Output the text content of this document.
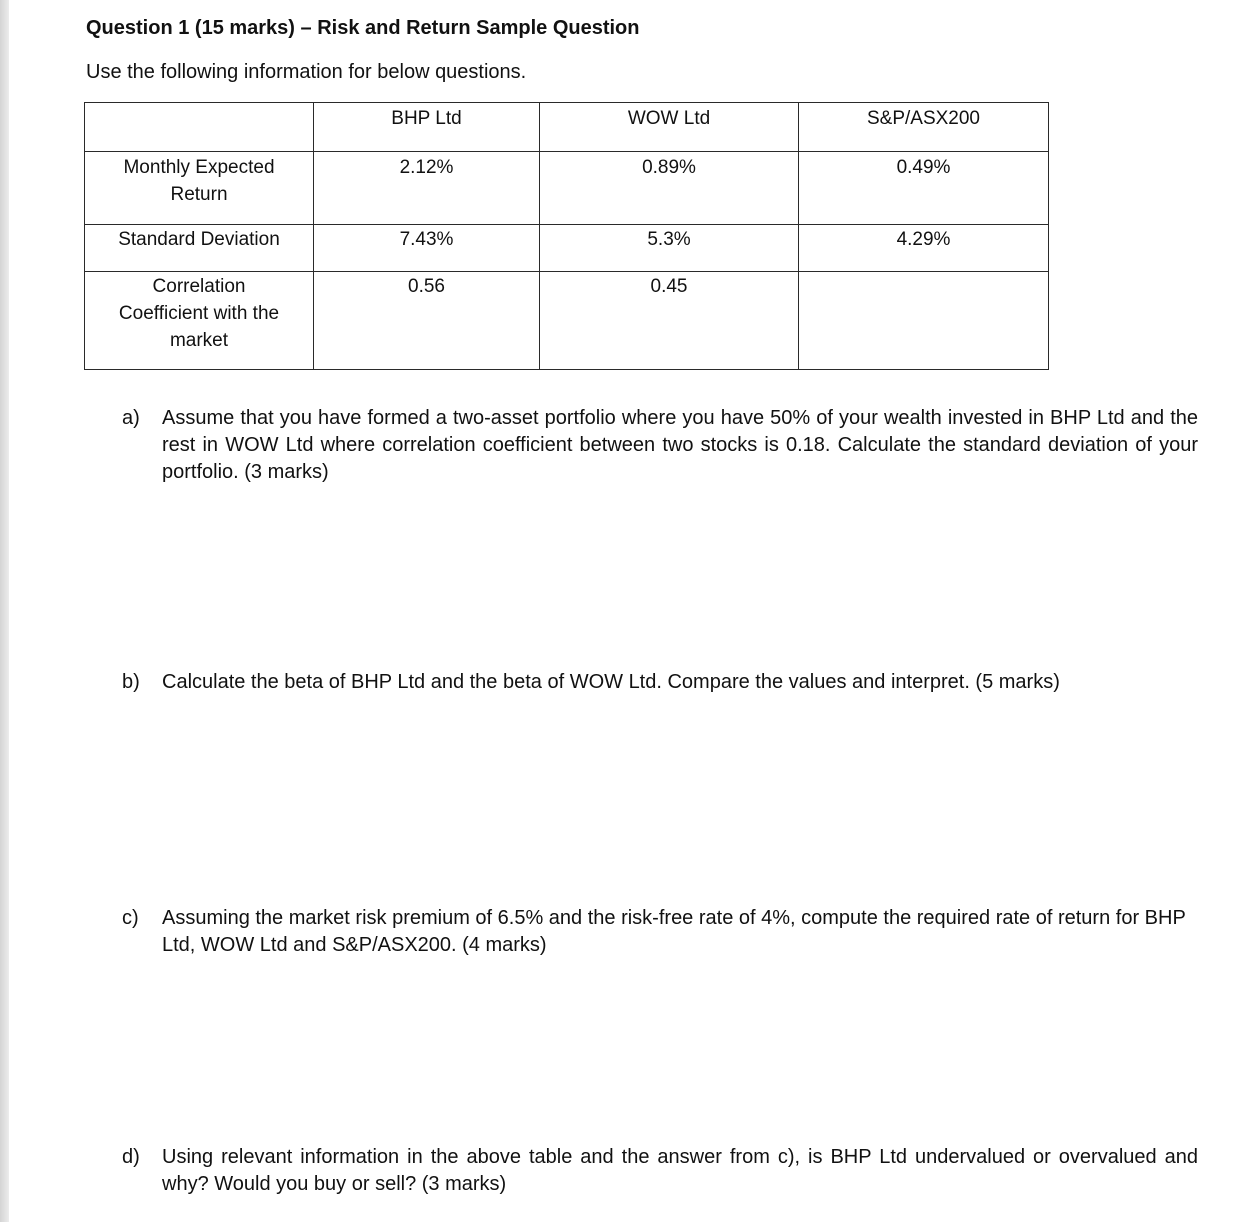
Question 1 (15 marks) – Risk and Return Sample Question
Use the following information for below questions.
	BHP Ltd	WOW Ltd	S&P/ASX200

Monthly Expected
Return	2.12%	0.89%	0.49%

Standard Deviation	7.43%	5.3%	4.29%

Correlation
Coefficient with the
market	0.56	0.45	
a) Assume that you have formed a two-asset portfolio where you have 50% of your wealth invested in BHP Ltd and the rest in WOW Ltd where correlation coefficient between two stocks is 0.18. Calculate the standard deviation of your portfolio. (3 marks)
b) Calculate the beta of BHP Ltd and the beta of WOW Ltd. Compare the values and interpret. (5 marks)
c) Assuming the market risk premium of 6.5% and the risk-free rate of 4%, compute the required rate of return for BHP Ltd, WOW Ltd and S&P/ASX200. (4 marks)
d) Using relevant information in the above table and the answer from c), is BHP Ltd undervalued or overvalued and why? Would you buy or sell? (3 marks)
